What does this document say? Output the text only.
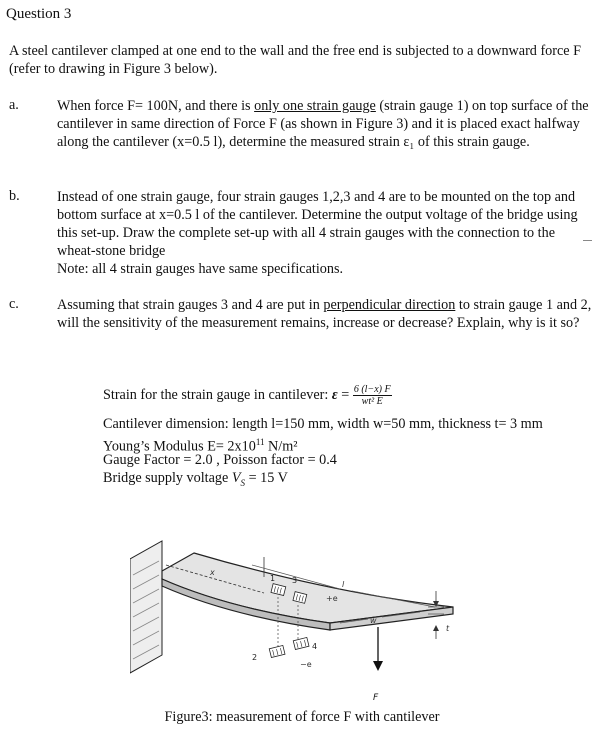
Question 3
A steel cantilever clamped at one end to the wall and the free end is subjected to a downward force F (refer to drawing in Figure 3 below).
a.	When force F= 100N, and there is only one strain gauge (strain gauge 1) on top surface of the cantilever in same direction of Force F (as shown in Figure 3) and it is placed exact halfway along the cantilever (x=0.5 l), determine the measured strain ε₁ of this strain gauge.
b.	Instead of one strain gauge, four strain gauges 1,2,3 and 4 are to be mounted on the top and bottom surface at x=0.5 l of the cantilever. Determine the output voltage of the bridge using this set-up. Draw the complete set-up with all 4 strain gauges with the connection to the wheat-stone bridge
Note: all 4 strain gauges have same specifications.
c.	Assuming that strain gauges 3 and 4 are put in perpendicular direction to strain gauge 1 and 2, will the sensitivity of the measurement remains, increase or decrease? Explain, why is it so?
Strain for the strain gauge in cantilever: $\varepsilon = \frac{6 (l-x) F}{\text{wt² E}}$
Cantilever dimension: length l=150 mm, width w=50 mm, thickness t= 3 mm
Young’s Modulus $E= 2x10^{11}$ N/m²
Gauge Factor = 2.0 , Poisson factor = 0.4
Bridge supply voltage $V_S = 15$ V
x
1 3
+e
l
w
2
4
−e
F
t
Figure3: measurement of force F with cantilever
